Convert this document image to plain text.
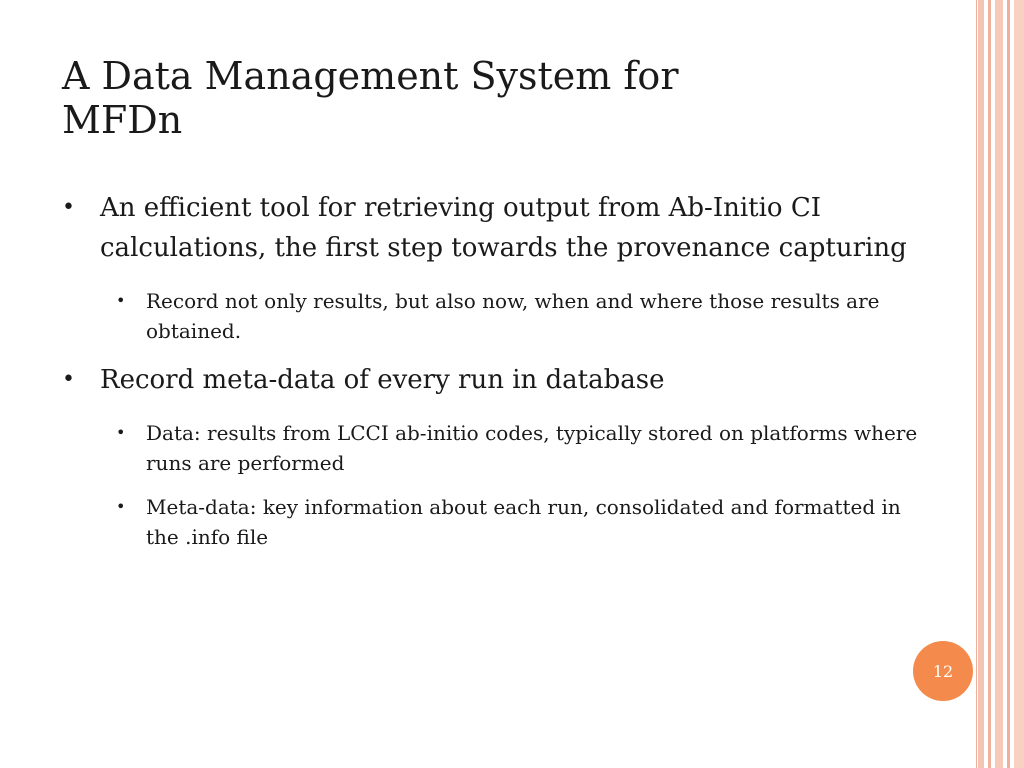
A Data Management System for
MFDn
• An efficient tool for retrieving output from Ab-Initio CI calculations, the first step towards the provenance capturing
• Record not only results, but also now, when and where those results are obtained.
• Record meta-data of every run in database
• Data: results from LCCI ab-initio codes, typically stored on platforms where runs are performed
• Meta-data: key information about each run, consolidated and formatted in the .info file
12
